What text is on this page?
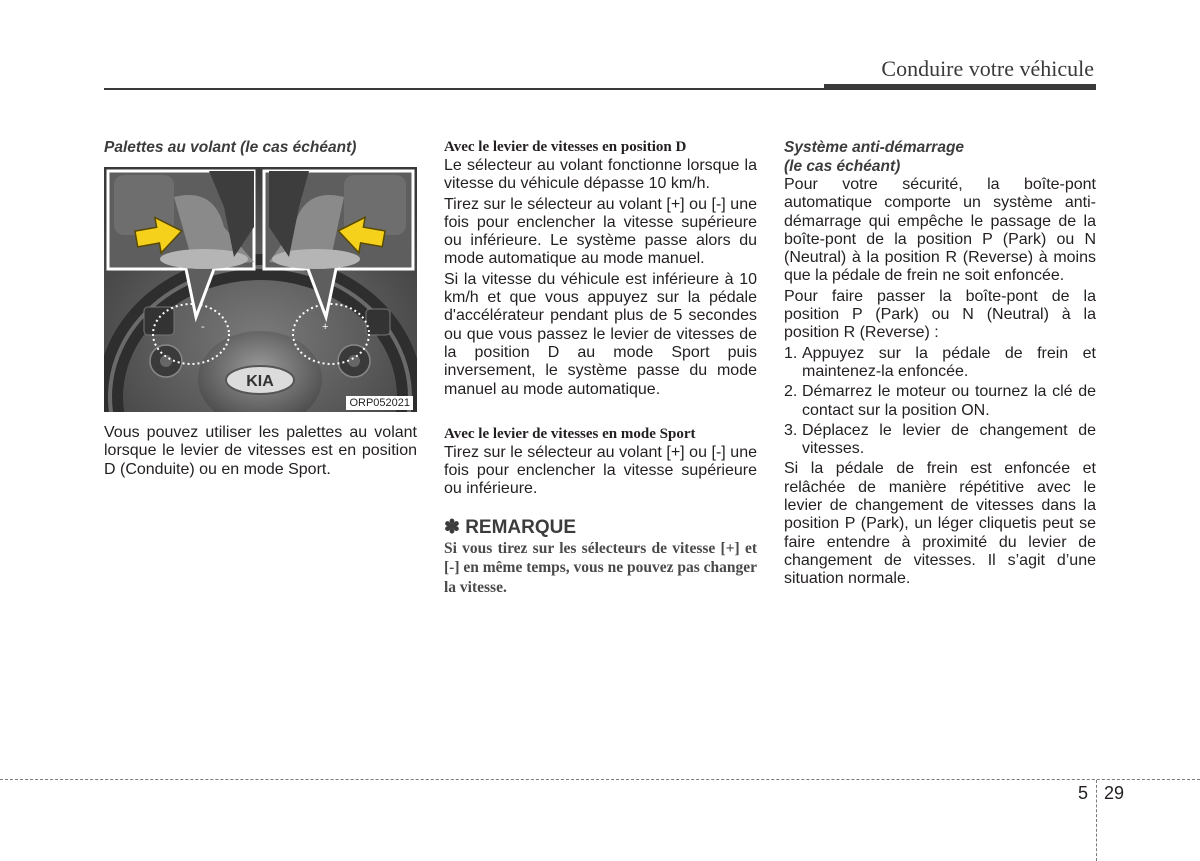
Conduire votre véhicule
Palettes au volant (le cas échéant)
KIA
-	+
ORP052021

Vous pouvez utiliser les palettes au volant lorsque le levier de vitesses est en position D (Conduite) ou en mode Sport.

Avec le levier de vitesses en position D

Le sélecteur au volant fonctionne lorsque la vitesse du véhicule dépasse 10 km/h.

Tirez sur le sélecteur au volant [+] ou [-] une fois pour enclencher la vitesse supérieure ou inférieure. Le système passe alors du mode automatique au mode manuel.

Si la vitesse du véhicule est inférieure à 10 km/h et que vous appuyez sur la pédale d'accélérateur pendant plus de 5 secondes ou que vous passez le levier de vitesses de la position D au mode Sport puis inversement, le système passe du mode manuel au mode automatique.

Avec le levier de vitesses en mode Sport

Tirez sur le sélecteur au volant [+] ou [-] une fois pour enclencher la vitesse supérieure ou inférieure.

✽ REMARQUE

Si vous tirez sur les sélecteurs de vitesse [+] et [-] en même temps, vous ne pouvez pas changer la vitesse.

Système anti-démarrage
(le cas échéant)

Pour votre sécurité, la boîte-pont automatique comporte un système anti-démarrage qui empêche le passage de la boîte-pont de la position P (Park) ou N (Neutral) à la position R (Reverse) à moins que la pédale de frein ne soit enfoncée.

Pour faire passer la boîte-pont de la position P (Park) ou N (Neutral) à la position R (Reverse) :

1. Appuyez sur la pédale de frein et maintenez-la enfoncée.
2. Démarrez le moteur ou tournez la clé de contact sur la position ON.
3. Déplacez le levier de changement de vitesses.

Si la pédale de frein est enfoncée et relâchée de manière répétitive avec le levier de changement de vitesses dans la position P (Park), un léger cliquetis peut se faire entendre à proximité du levier de changement de vitesses. Il s’agit d’une situation normale.

5 29
